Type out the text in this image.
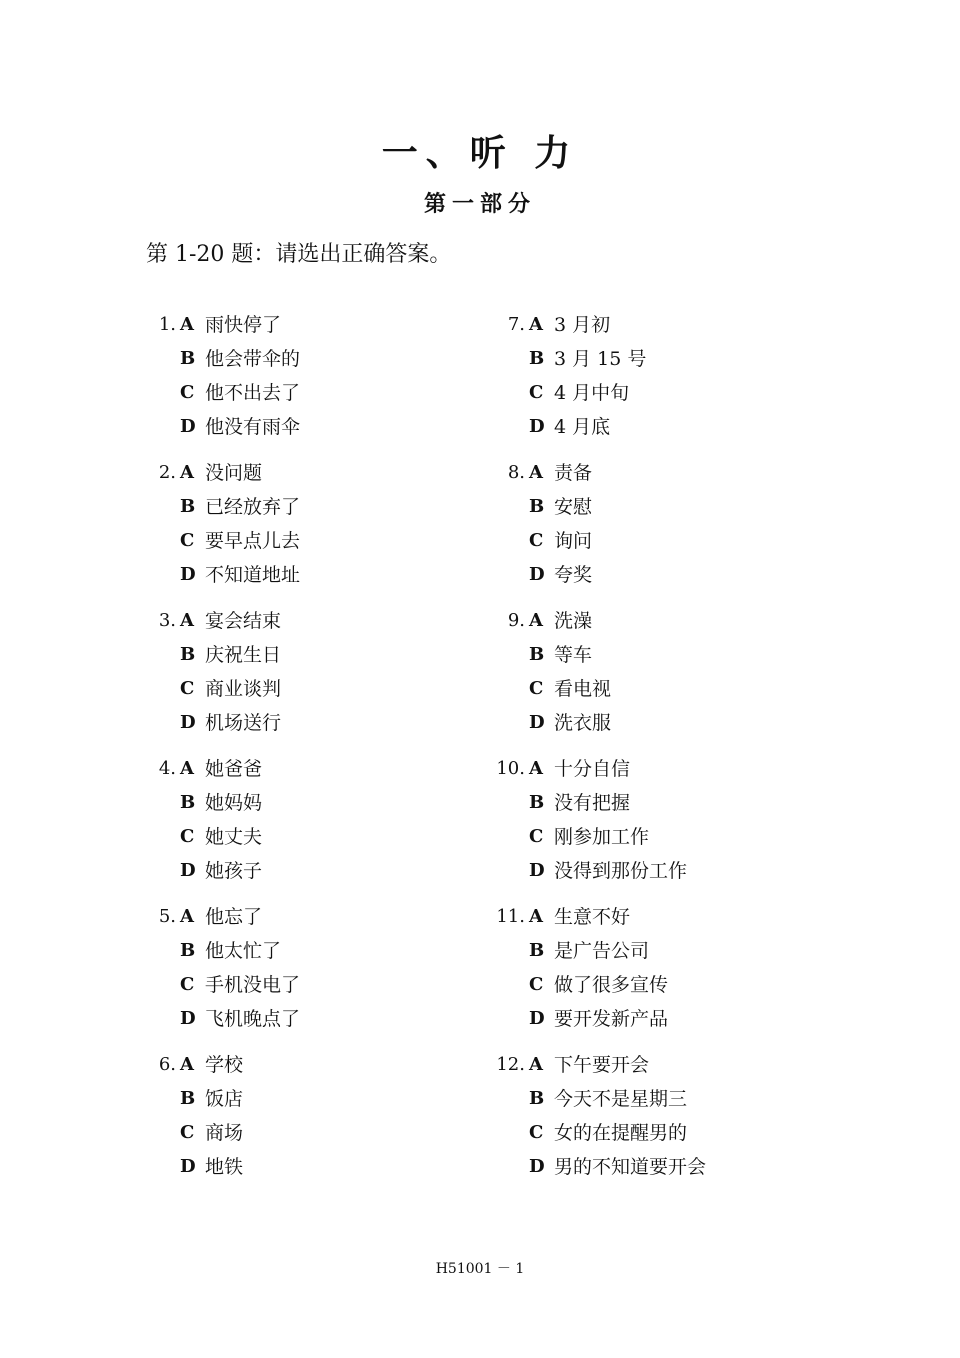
一、听 力
第一部分
第 1-20 题：请选出正确答案。
1. A 雨快停了
B 他会带伞的
C 他不出去了
D 他没有雨伞
2. A 没问题
B 已经放弃了
C 要早点儿去
D 不知道地址
3. A 宴会结束
B 庆祝生日
C 商业谈判
D 机场送行
4. A 她爸爸
B 她妈妈
C 她丈夫
D 她孩子
5. A 他忘了
B 他太忙了
C 手机没电了
D 飞机晚点了
6. A 学校
B 饭店
C 商场
D 地铁
7. A 3 月初
B 3 月 15 号
C 4 月中旬
D 4 月底
8. A 责备
B 安慰
C 询问
D 夸奖
9. A 洗澡
B 等车
C 看电视
D 洗衣服
10. A 十分自信
B 没有把握
C 刚参加工作
D 没得到那份工作
11. A 生意不好
B 是广告公司
C 做了很多宣传
D 要开发新产品
12. A 下午要开会
B 今天不是星期三
C 女的在提醒男的
D 男的不知道要开会
H51001 － 1
